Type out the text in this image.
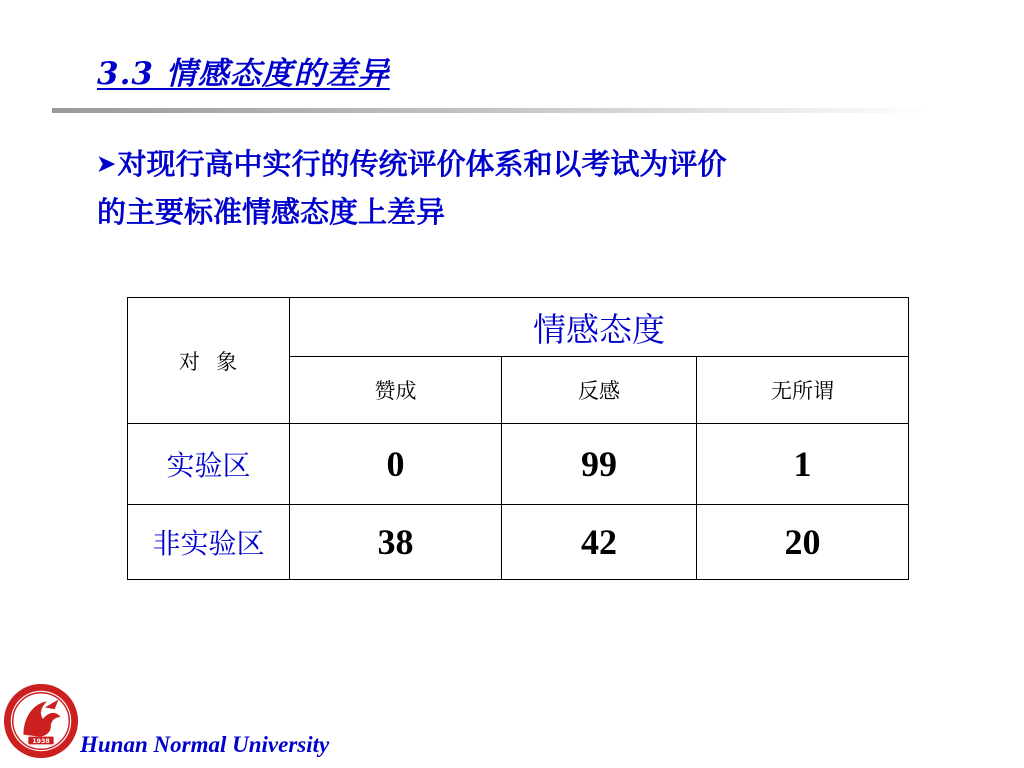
3.3 情感态度的差异
➤对现行高中实行的传统评价体系和以考试为评价
的主要标准情感态度上差异
对  象	情感态度		
	赞成	反感	无所谓
实验区	0	99	1
非实验区	38	42	20
1938 Hunan Normal University
